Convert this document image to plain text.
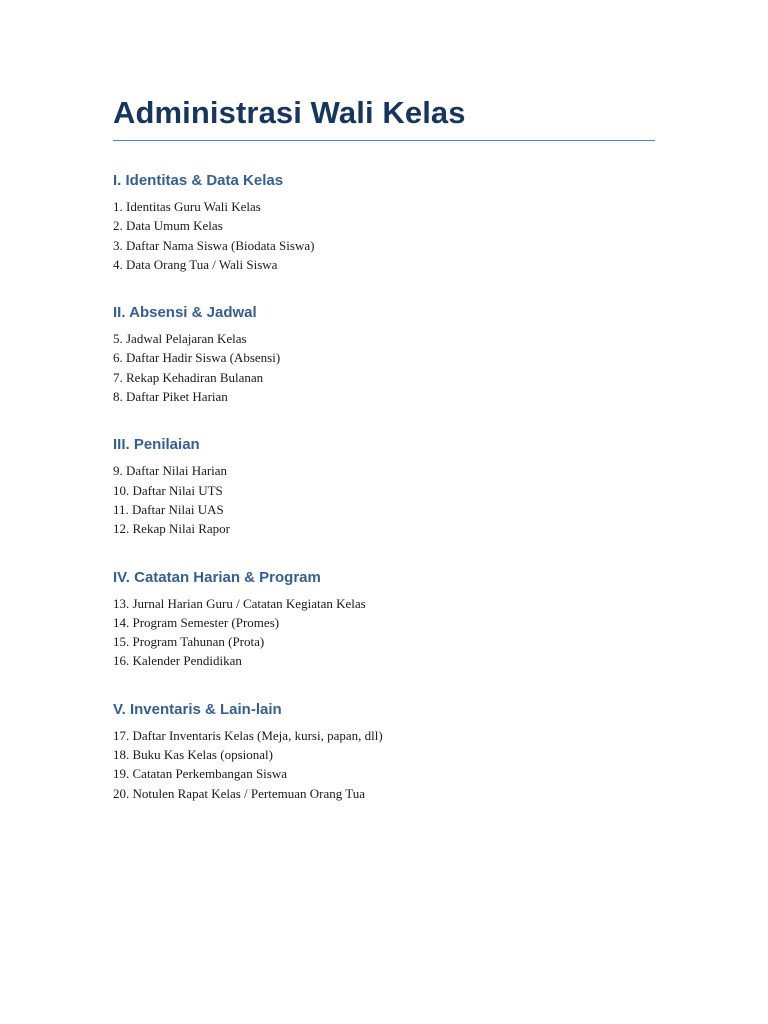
Administrasi Wali Kelas
I. Identitas & Data Kelas
1. Identitas Guru Wali Kelas
2. Data Umum Kelas
3. Daftar Nama Siswa (Biodata Siswa)
4. Data Orang Tua / Wali Siswa
II. Absensi & Jadwal
5. Jadwal Pelajaran Kelas
6. Daftar Hadir Siswa (Absensi)
7. Rekap Kehadiran Bulanan
8. Daftar Piket Harian
III. Penilaian
9. Daftar Nilai Harian
10. Daftar Nilai UTS
11. Daftar Nilai UAS
12. Rekap Nilai Rapor
IV. Catatan Harian & Program
13. Jurnal Harian Guru / Catatan Kegiatan Kelas
14. Program Semester (Promes)
15. Program Tahunan (Prota)
16. Kalender Pendidikan
V. Inventaris & Lain-lain
17. Daftar Inventaris Kelas (Meja, kursi, papan, dll)
18. Buku Kas Kelas (opsional)
19. Catatan Perkembangan Siswa
20. Notulen Rapat Kelas / Pertemuan Orang Tua
